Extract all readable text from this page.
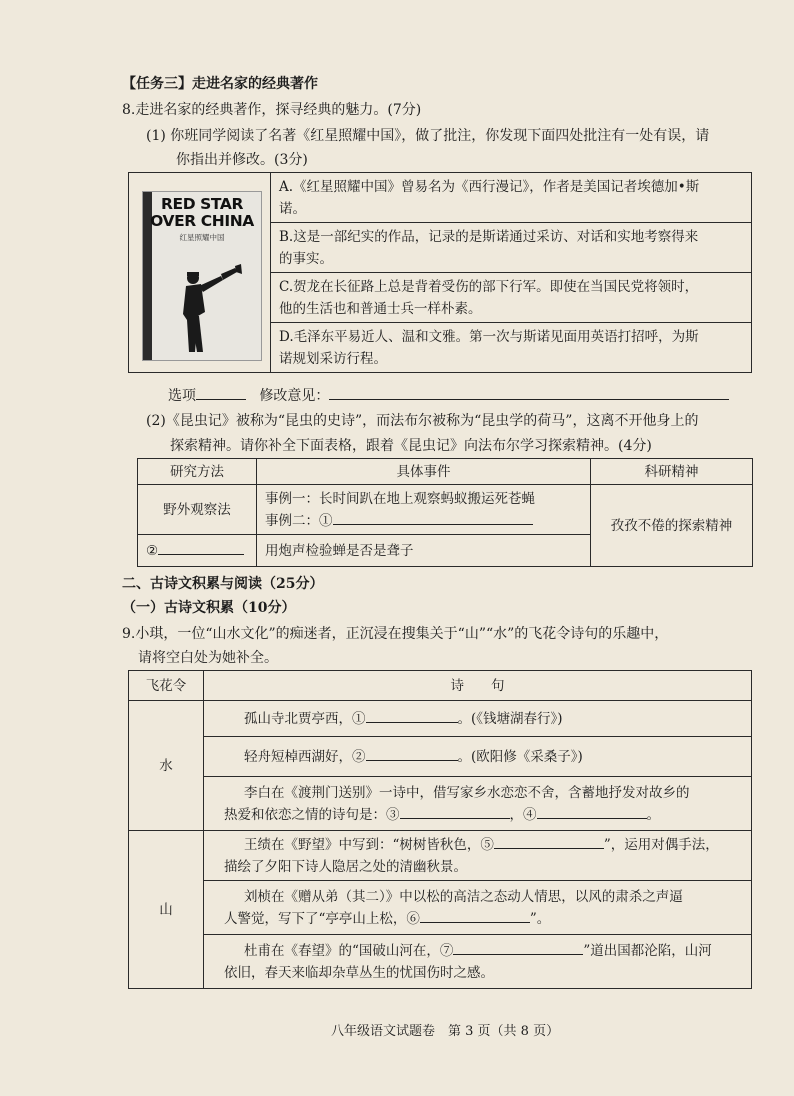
【任务三】走进名家的经典著作
8.走进名家的经典著作，探寻经典的魅力。(7分)
(1) 你班同学阅读了名著《红星照耀中国》，做了批注，你发现下面四处批注有一处有误，请
你指出并修改。(3分)

A.《红星照耀中国》曾易名为《西行漫记》，作者是美国记者埃德加•斯
诺。

B.这是一部纪实的作品，记录的是斯诺通过采访、对话和实地考察得来
的事实。

C.贺龙在长征路上总是背着受伤的部下行军。即使在当国民党将领时，
他的生活也和普通士兵一样朴素。

D.毛泽东平易近人、温和文雅。第一次与斯诺见面用英语打招呼，为斯
诺规划采访行程。
RED STAR OVER CHINA
红星照耀中国
选项	修改意见：
(2)《昆虫记》被称为“昆虫的史诗”，而法布尔被称为“昆虫学的荷马”，这离不开他身上的
探索精神。请你补全下面表格，跟着《昆虫记》向法布尔学习探索精神。(4分)
研究方法	具体事件	科研精神
野外观察法	事例一：长时间趴在地上观察蚂蚁搬运死苍蝇
事例二：①	孜孜不倦的探索精神
②	用炮声检验蝉是否是聋子	
二、古诗文积累与阅读（25分）
（一）古诗文积累（10分）
9.小琪，一位“山水文化”的痴迷者，正沉浸在搜集关于“山”“水”的飞花令诗句的乐趣中，
请将空白处为她补全。
飞花令	诗　　句
水	孤山寺北贾亭西，① 。(《钱塘湖春行》)
	轻舟短棹西湖好，② 。(欧阳修《采桑子》)

	李白在《渡荆门送别》一诗中，借写家乡水恋恋不舍，含蓄地抒发对故乡的
热爱和依恋之情的诗句是：③ ，④ 。

山	王绩在《野望》中写到：“树树皆秋色，⑤ ”，运用对偶手法，
描绘了夕阳下诗人隐居之处的清幽秋景。

	刘桢在《赠从弟（其二）》中以松的高洁之态动人情思，以风的肃杀之声逼
人警觉，写下了“亭亭山上松，⑥ ”。

	杜甫在《春望》的“国破山河在，⑦ ”道出国都沦陷，山河
依旧，春天来临却杂草丛生的忧国伤时之感。
八年级语文试题卷　第 3 页（共 8 页）
